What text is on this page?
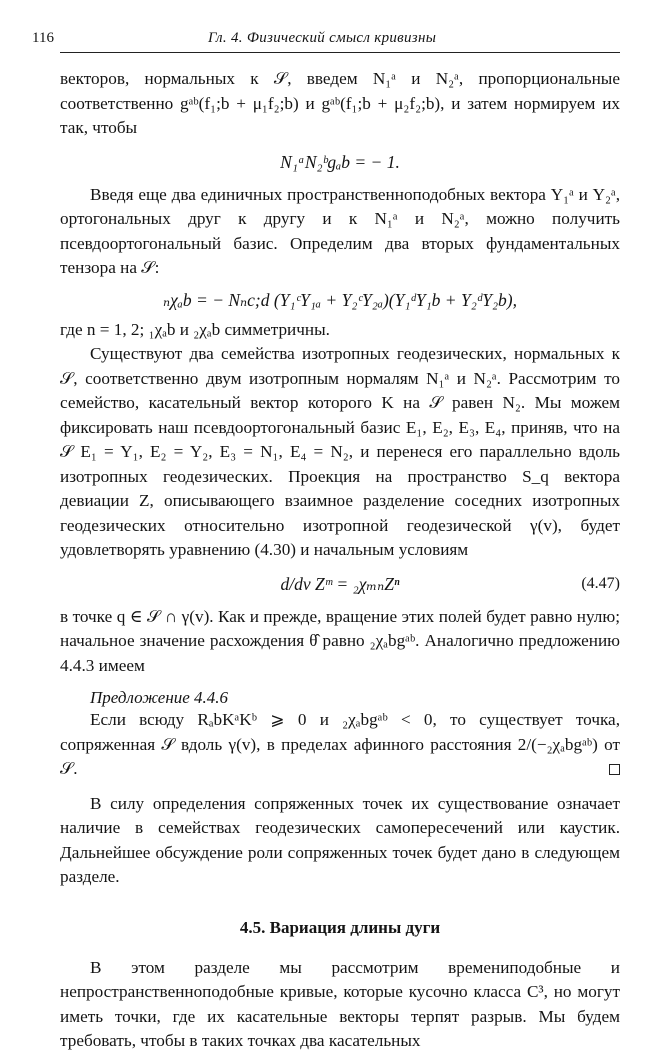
116	Гл. 4. Физический смысл кривизны

векторов, нормальных к 𝒮, введем N₁ᵃ и N₂ᵃ, пропорциональные соответственно gᵃᵇ(f₁;b + μ₁f₂;b) и gᵃᵇ(f₁;b + μ₂f₂;b), и затем нормируем их так, чтобы

N₁ᵃN₂ᵇgₐb = − 1.

Введя еще два единичных пространственноподобных вектора Y₁ᵃ и Y₂ᵃ, ортогональных друг к другу и к N₁ᵃ и N₂ᵃ, можно получить псевдоортогональный базис. Определим два вторых фундаментальных тензора на 𝒮:

ₙχₐb = − Nₙc;d (Y₁ᶜY₁ₐ + Y₂ᶜY₂ₐ)(Y₁ᵈY₁b + Y₂ᵈY₂b),

где n = 1, 2; ₁χₐb и ₂χₐb симметричны.

Существуют два семейства изотропных геодезических, нормальных к 𝒮, соответственно двум изотропным нормалям N₁ᵃ и N₂ᵃ. Рассмотрим то семейство, касательный вектор которого K на 𝒮 равен N₂. Мы можем фиксировать наш псевдоортогональный базис E₁, E₂, E₃, E₄, приняв, что на 𝒮 E₁ = Y₁, E₂ = Y₂, E₃ = N₁, E₄ = N₂, и перенеся его параллельно вдоль изотропных геодезических. Проекция на пространство S_q вектора девиации Z, описывающего взаимное разделение соседних изотропных геодезических относительно изотропной геодезической γ(v), будет удовлетворять уравнению (4.30) и начальным условиям

d/dv Zᵐ = ₂χₘₙZⁿ	(4.47)

в точке q ∈ 𝒮 ∩ γ(v). Как и прежде, вращение этих полей будет равно нулю; начальное значение расхождения θ̂ равно ₂χₐbgᵃᵇ. Аналогично предложению 4.4.3 имеем

Предложение 4.4.6

Если всюду RₐbKᵃKᵇ ⩾ 0 и ₂χₐbgᵃᵇ < 0, то существует точка, сопряженная 𝒮 вдоль γ(v), в пределах афинного расстояния 2/(−₂χₐbgᵃᵇ) от 𝒮.

В силу определения сопряженных точек их существование означает наличие в семействах геодезических самопересечений или каустик. Дальнейшее обсуждение роли сопряженных точек будет дано в следующем разделе.

4.5. Вариация длины дуги

В этом разделе мы рассмотрим времениподобные и непространственноподобные кривые, которые кусочно класса C³, но могут иметь точки, где их касательные векторы терпят разрыв. Мы будем требовать, чтобы в таких точках два касательных
